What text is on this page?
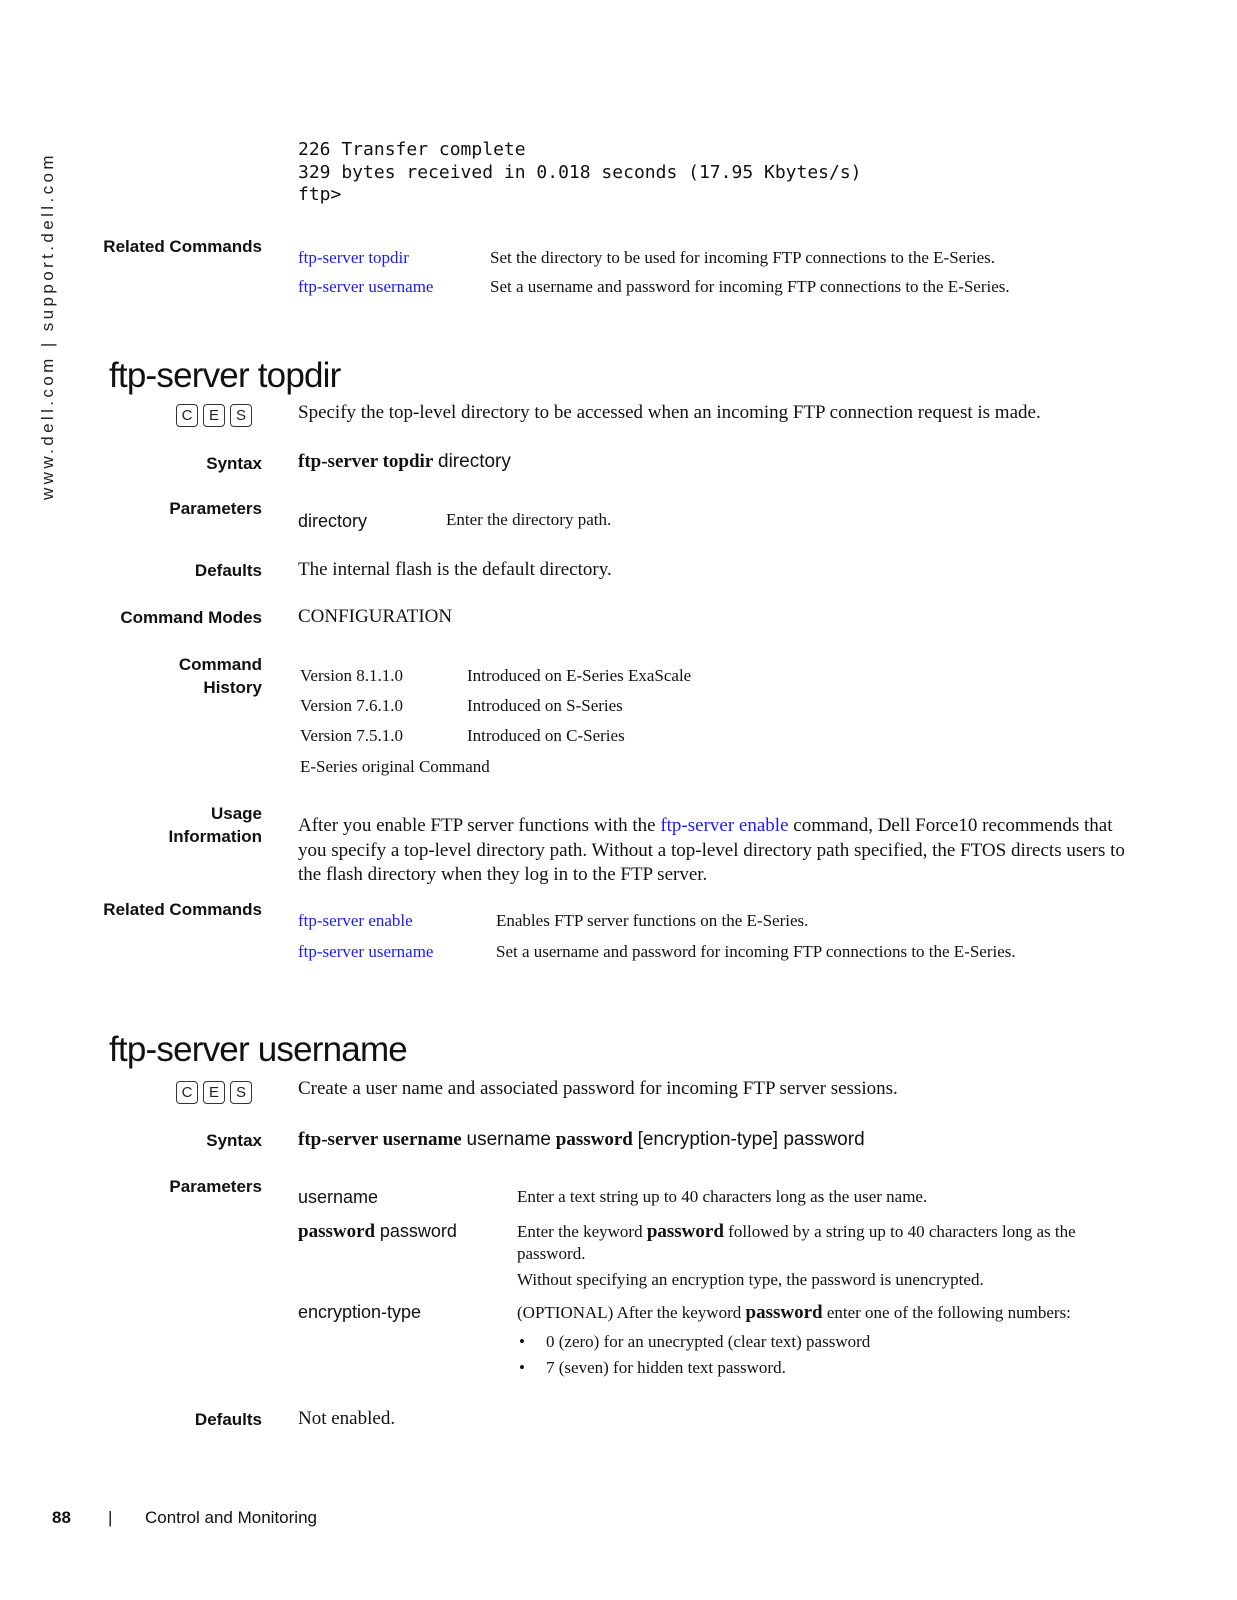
www.dell.com | support.dell.com
226 Transfer complete
329 bytes received in 0.018 seconds (17.95 Kbytes/s)
ftp>
Related Commands
ftp-server topdir	Set the directory to be used for incoming FTP connections to the E-Series.
ftp-server username	Set a username and password for incoming FTP connections to the E-Series.
ftp-server topdir
C	E	S	Specify the top-level directory to be accessed when an incoming FTP connection request is made.
Syntax ftp-server topdir directory
Parameters
directory	Enter the directory path.
Defaults The internal flash is the default directory.
Command Modes CONFIGURATION
Command History
Version 8.1.1.0	Introduced on E-Series ExaScale
Version 7.6.1.0	Introduced on S-Series
Version 7.5.1.0	Introduced on C-Series
E-Series original Command
Usage Information
After you enable FTP server functions with the ftp-server enable command, Dell Force10 recommends that you specify a top-level directory path. Without a top-level directory path specified, the FTOS directs users to the flash directory when they log in to the FTP server.
Related Commands
ftp-server enable	Enables FTP server functions on the E-Series.
ftp-server username	Set a username and password for incoming FTP connections to the E-Series.
ftp-server username
C	E	S	Create a user name and associated password for incoming FTP server sessions.
Syntax ftp-server username username password [encryption-type] password
Parameters
username	Enter a text string up to 40 characters long as the user name.
password password	Enter the keyword password followed by a string up to 40 characters long as the
password.
Without specifying an encryption type, the password is unencrypted.
encryption-type	(OPTIONAL) After the keyword password enter one of the following numbers:
• 0 (zero) for an unecrypted (clear text) password
• 7 (seven) for hidden text password.
Defaults Not enabled.
88 | Control and Monitoring
